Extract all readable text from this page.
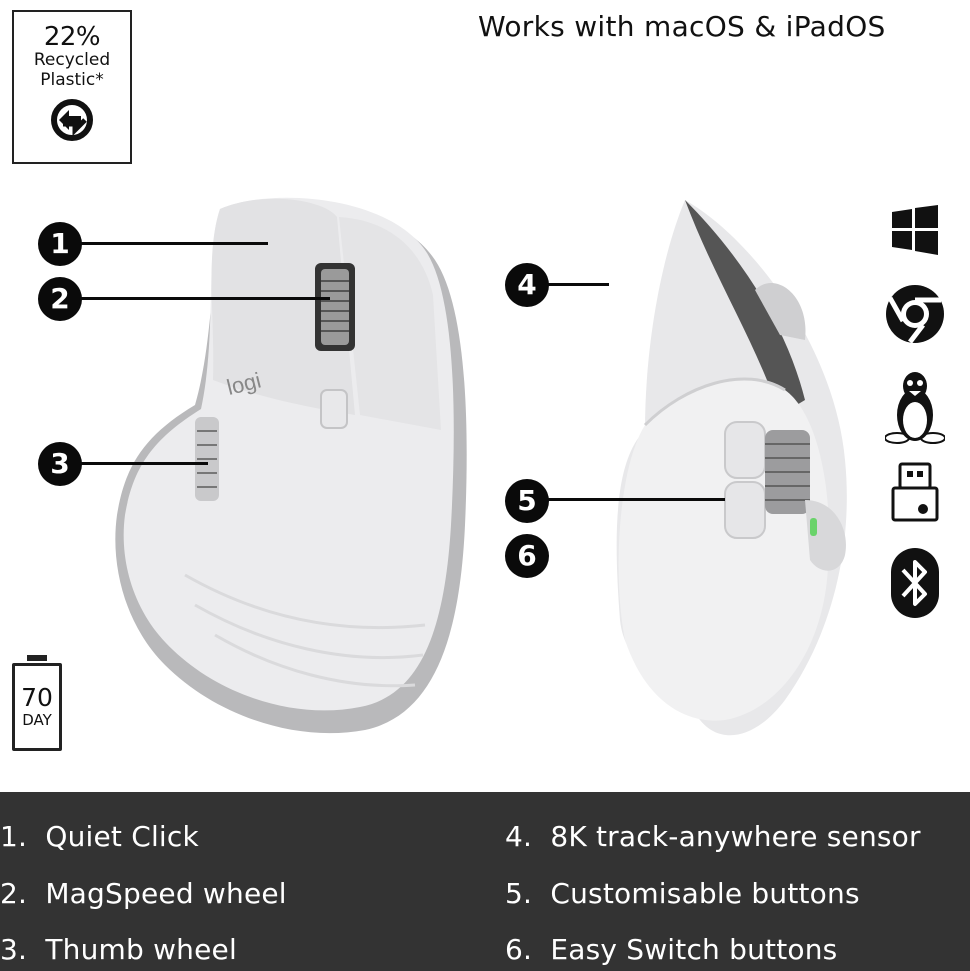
22%
Recycled
Plastic*
Works with macOS & iPadOS
logi
1
2
3
4
5
6
70
DAY
1. Quiet Click
2. MagSpeed wheel
3. Thumb wheel
4. 8K track-anywhere sensor
5. Customisable buttons
6. Easy Switch buttons
